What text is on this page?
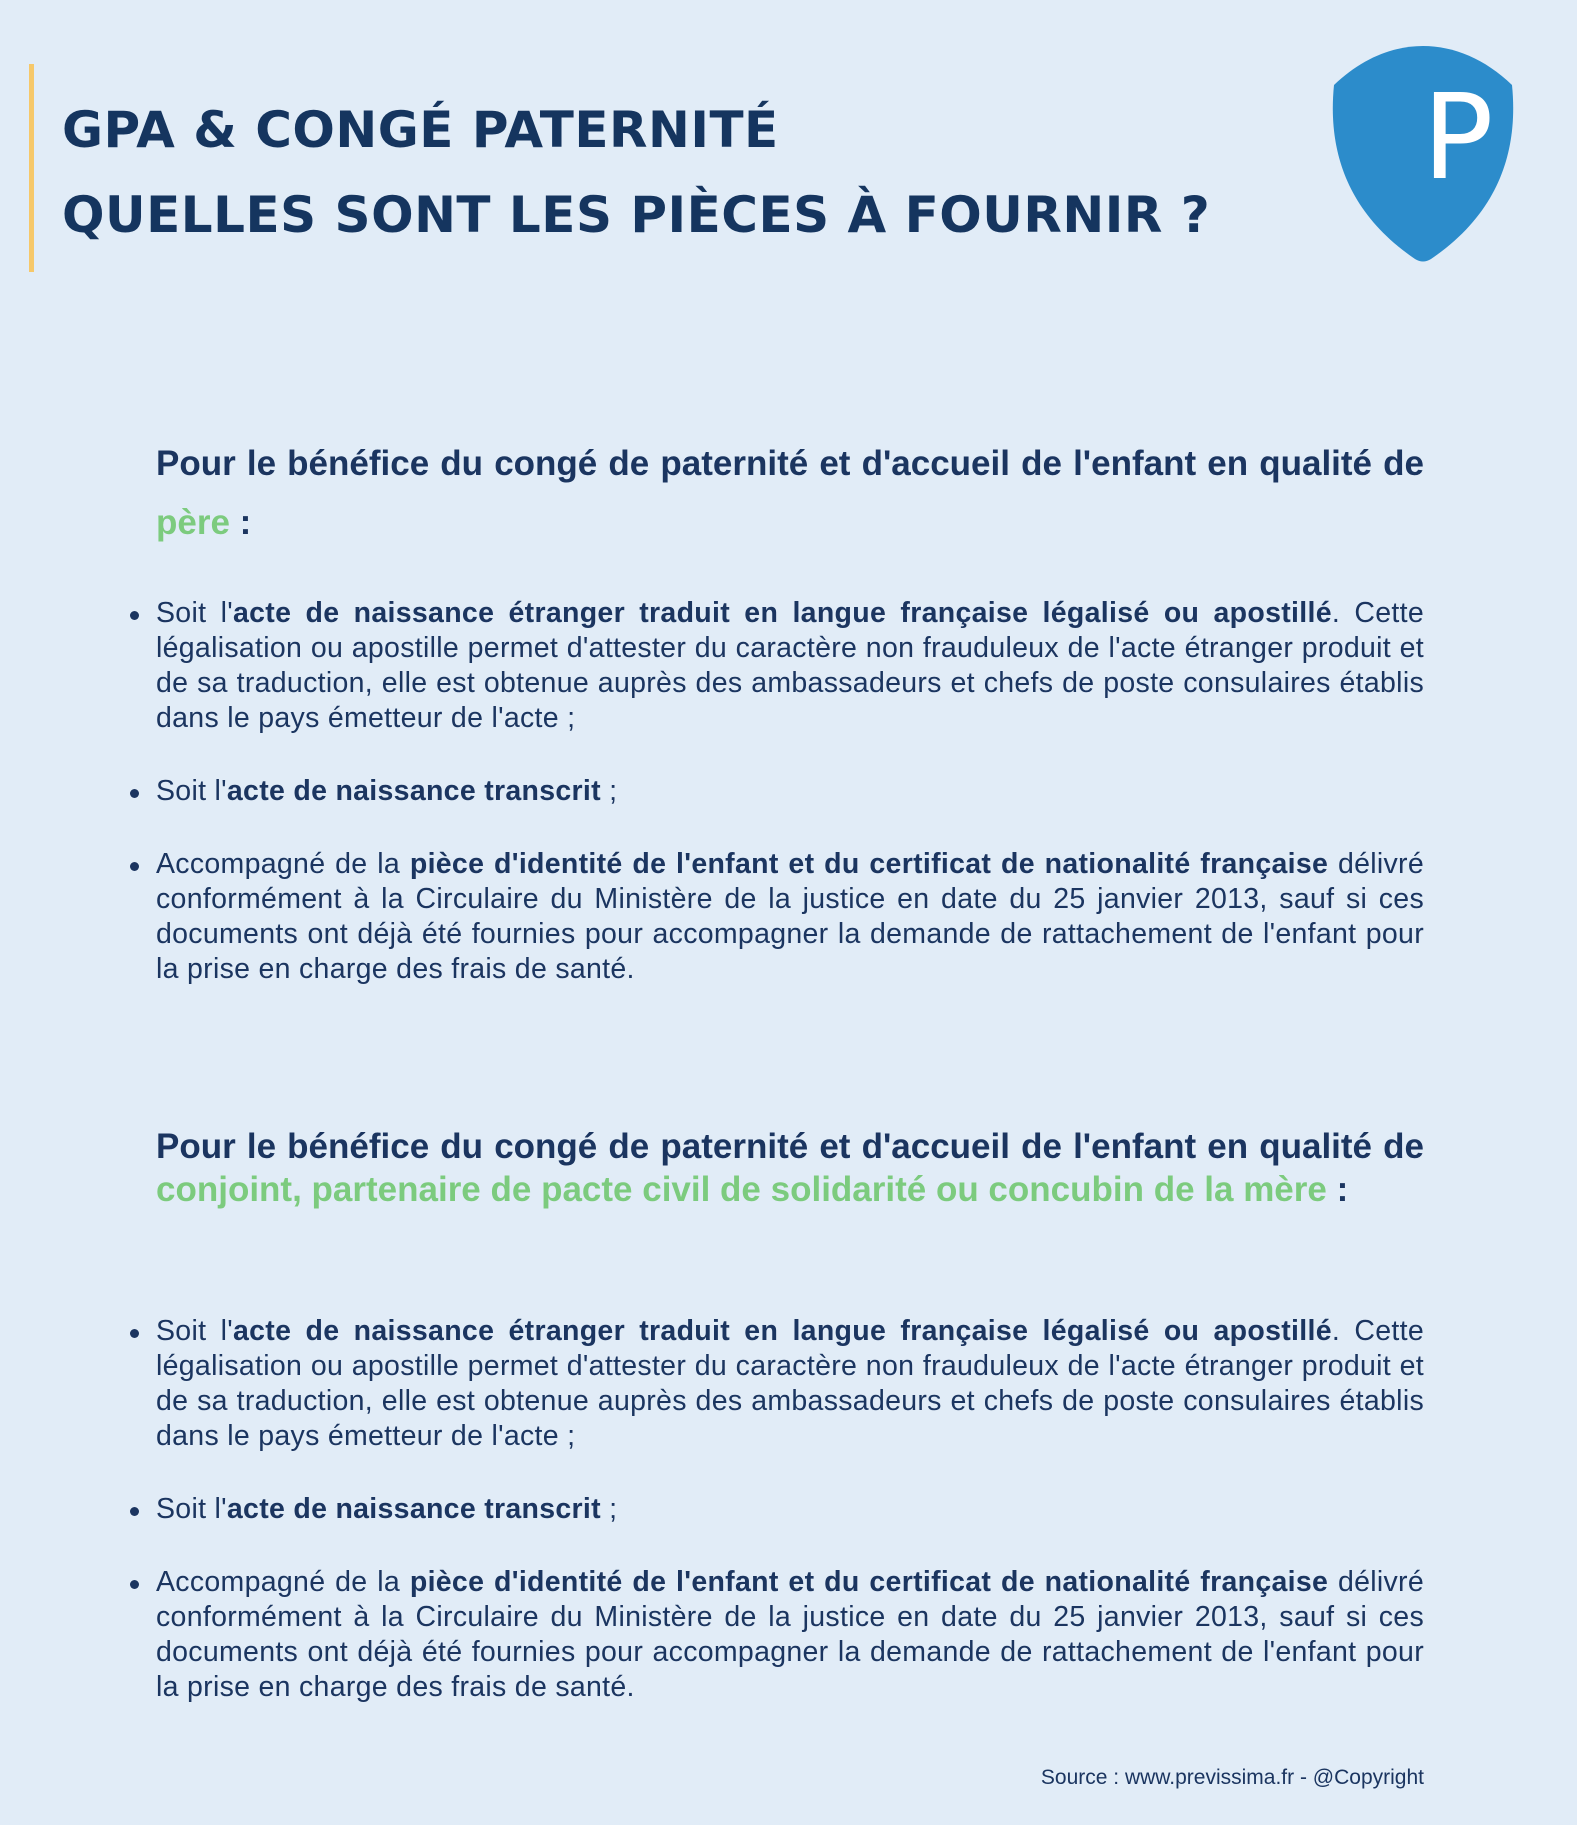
GPA & CONGÉ PATERNITÉ
QUELLES SONT LES PIÈCES À FOURNIR ?
P
Pour le bénéfice du congé de paternité et d'accueil de l'enfant en qualité de père :
Soit l'acte de naissance étranger traduit en langue française légalisé ou apostillé. Cette légalisation ou apostille permet d'attester du caractère non frauduleux de l'acte étranger produit et de sa traduction, elle est obtenue auprès des ambassadeurs et chefs de poste consulaires établis dans le pays émetteur de l'acte ;
Soit l'acte de naissance transcrit ;
Accompagné de la pièce d'identité de l'enfant et du certificat de nationalité française délivré conformément à la Circulaire du Ministère de la justice en date du 25 janvier 2013, sauf si ces documents ont déjà été fournies pour accompagner la demande de rattachement de l'enfant pour la prise en charge des frais de santé.
Pour le bénéfice du congé de paternité et d'accueil de l'enfant en qualité de conjoint, partenaire de pacte civil de solidarité ou concubin de la mère :
Soit l'acte de naissance étranger traduit en langue française légalisé ou apostillé. Cette légalisation ou apostille permet d'attester du caractère non frauduleux de l'acte étranger produit et de sa traduction, elle est obtenue auprès des ambassadeurs et chefs de poste consulaires établis dans le pays émetteur de l'acte ;
Soit l'acte de naissance transcrit ;
Accompagné de la pièce d'identité de l'enfant et du certificat de nationalité française délivré conformément à la Circulaire du Ministère de la justice en date du 25 janvier 2013, sauf si ces documents ont déjà été fournies pour accompagner la demande de rattachement de l'enfant pour la prise en charge des frais de santé.

Source : www.previssima.fr - @Copyright
